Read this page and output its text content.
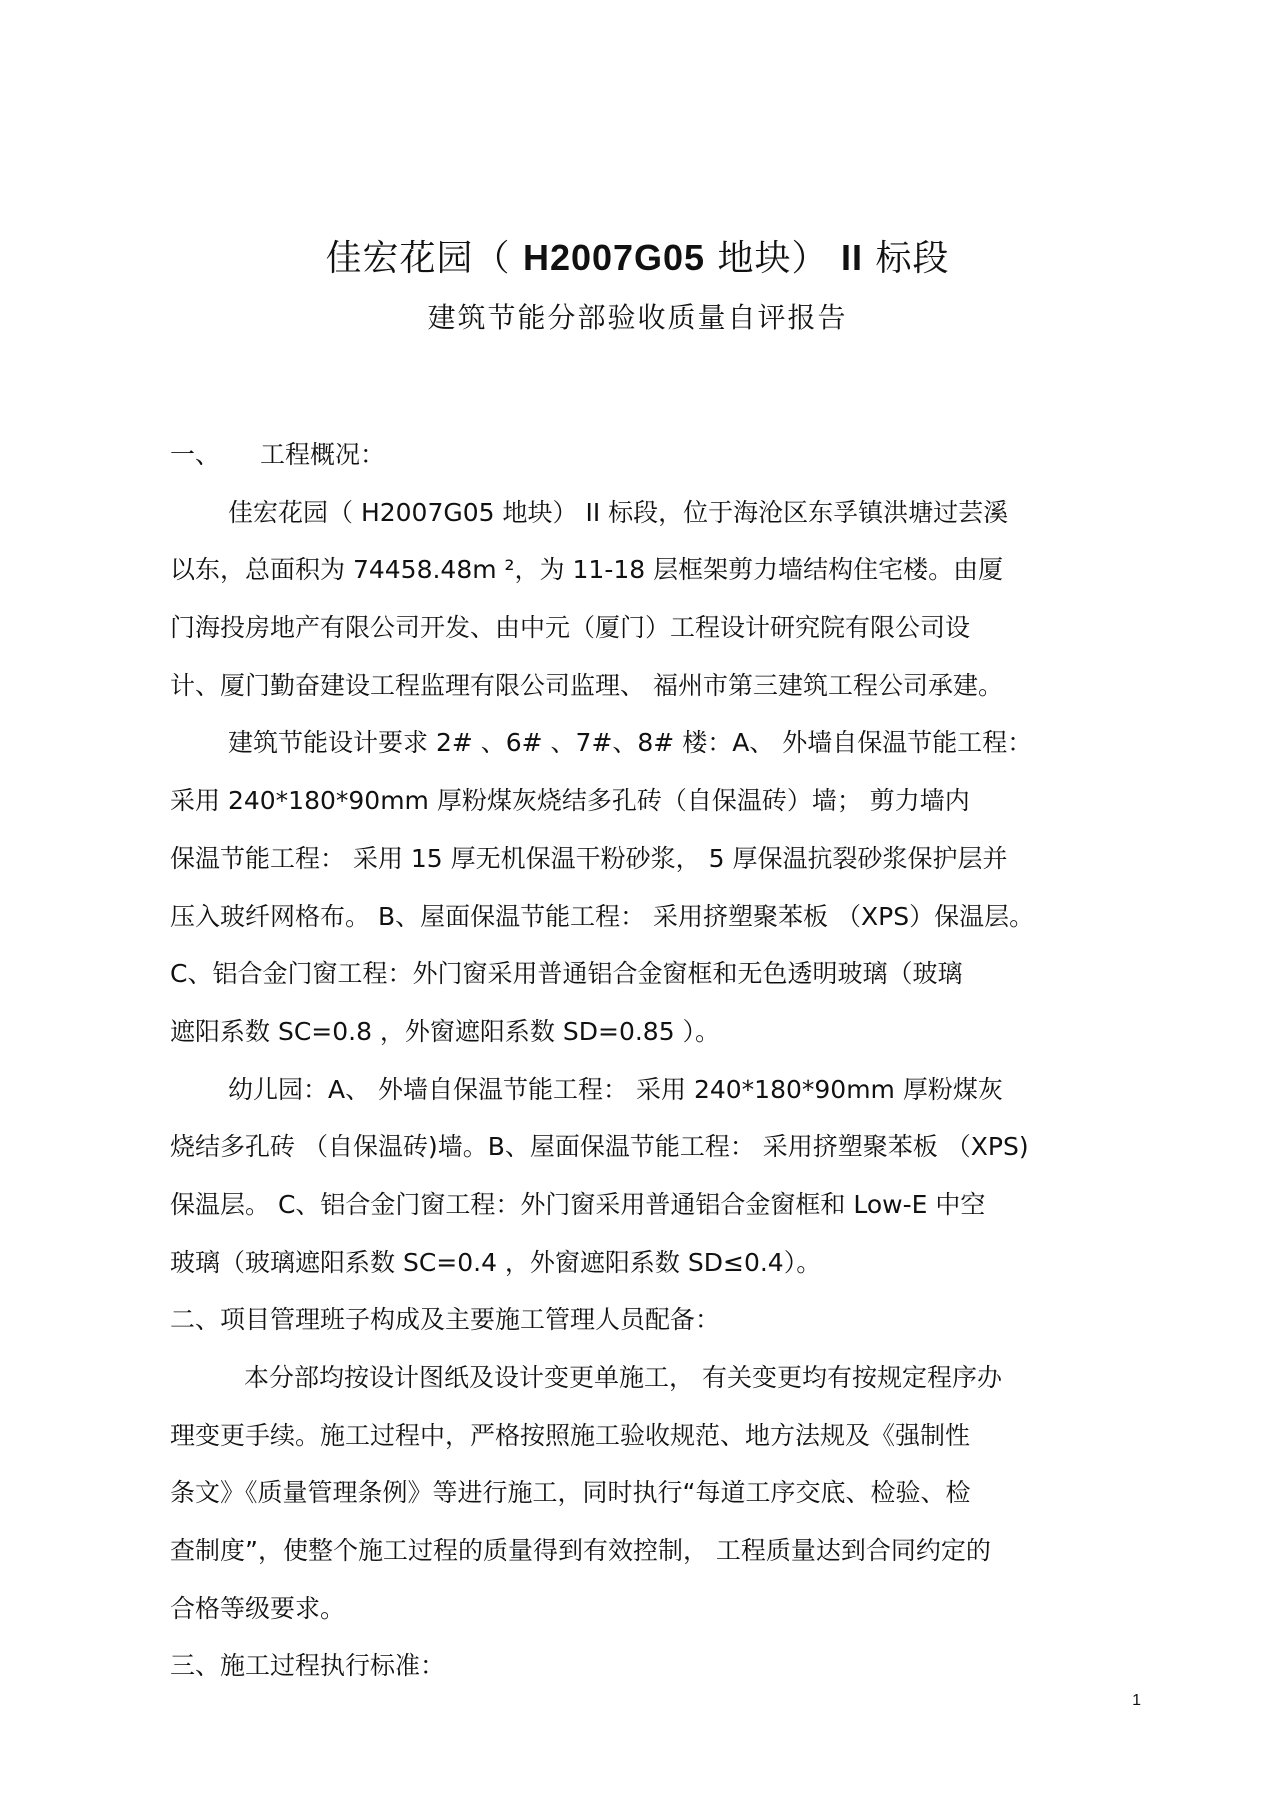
佳宏花园（ H2007G05 地块） II 标段
建筑节能分部验收质量自评报告
一、 工程概况：
佳宏花园（ H2007G05 地块） II 标段，位于海沧区东孚镇洪塘过芸溪
以东，总面积为 74458.48m ²，为 11-18 层框架剪力墙结构住宅楼。由厦
门海投房地产有限公司开发、由中元（厦门）工程设计研究院有限公司设
计、厦门勤奋建设工程监理有限公司监理、 福州市第三建筑工程公司承建。
建筑节能设计要求 2# 、6# 、7#、8# 楼：A、 外墙自保温节能工程：
采用 240*180*90mm 厚粉煤灰烧结多孔砖（自保温砖）墙； 剪力墙内
保温节能工程： 采用 15 厚无机保温干粉砂浆， 5 厚保温抗裂砂浆保护层并
压入玻纤网格布。 B、屋面保温节能工程： 采用挤塑聚苯板 （XPS）保温层。
C、铝合金门窗工程：外门窗采用普通铝合金窗框和无色透明玻璃（玻璃
遮阳系数 SC=0.8 ，外窗遮阳系数 SD=0.85 ）。
幼儿园：A、 外墙自保温节能工程： 采用 240*180*90mm 厚粉煤灰
烧结多孔砖 （自保温砖)墙。B、屋面保温节能工程： 采用挤塑聚苯板 （XPS)
保温层。 C、铝合金门窗工程：外门窗采用普通铝合金窗框和 Low-E 中空
玻璃（玻璃遮阳系数 SC=0.4 ，外窗遮阳系数 SD≤0.4）。
二、项目管理班子构成及主要施工管理人员配备：
本分部均按设计图纸及设计变更单施工， 有关变更均有按规定程序办
理变更手续。施工过程中，严格按照施工验收规范、地方法规及《强制性
条文》《质量管理条例》等进行施工，同时执行“每道工序交底、检验、检
查制度”，使整个施工过程的质量得到有效控制， 工程质量达到合同约定的
合格等级要求。
三、施工过程执行标准：
1
